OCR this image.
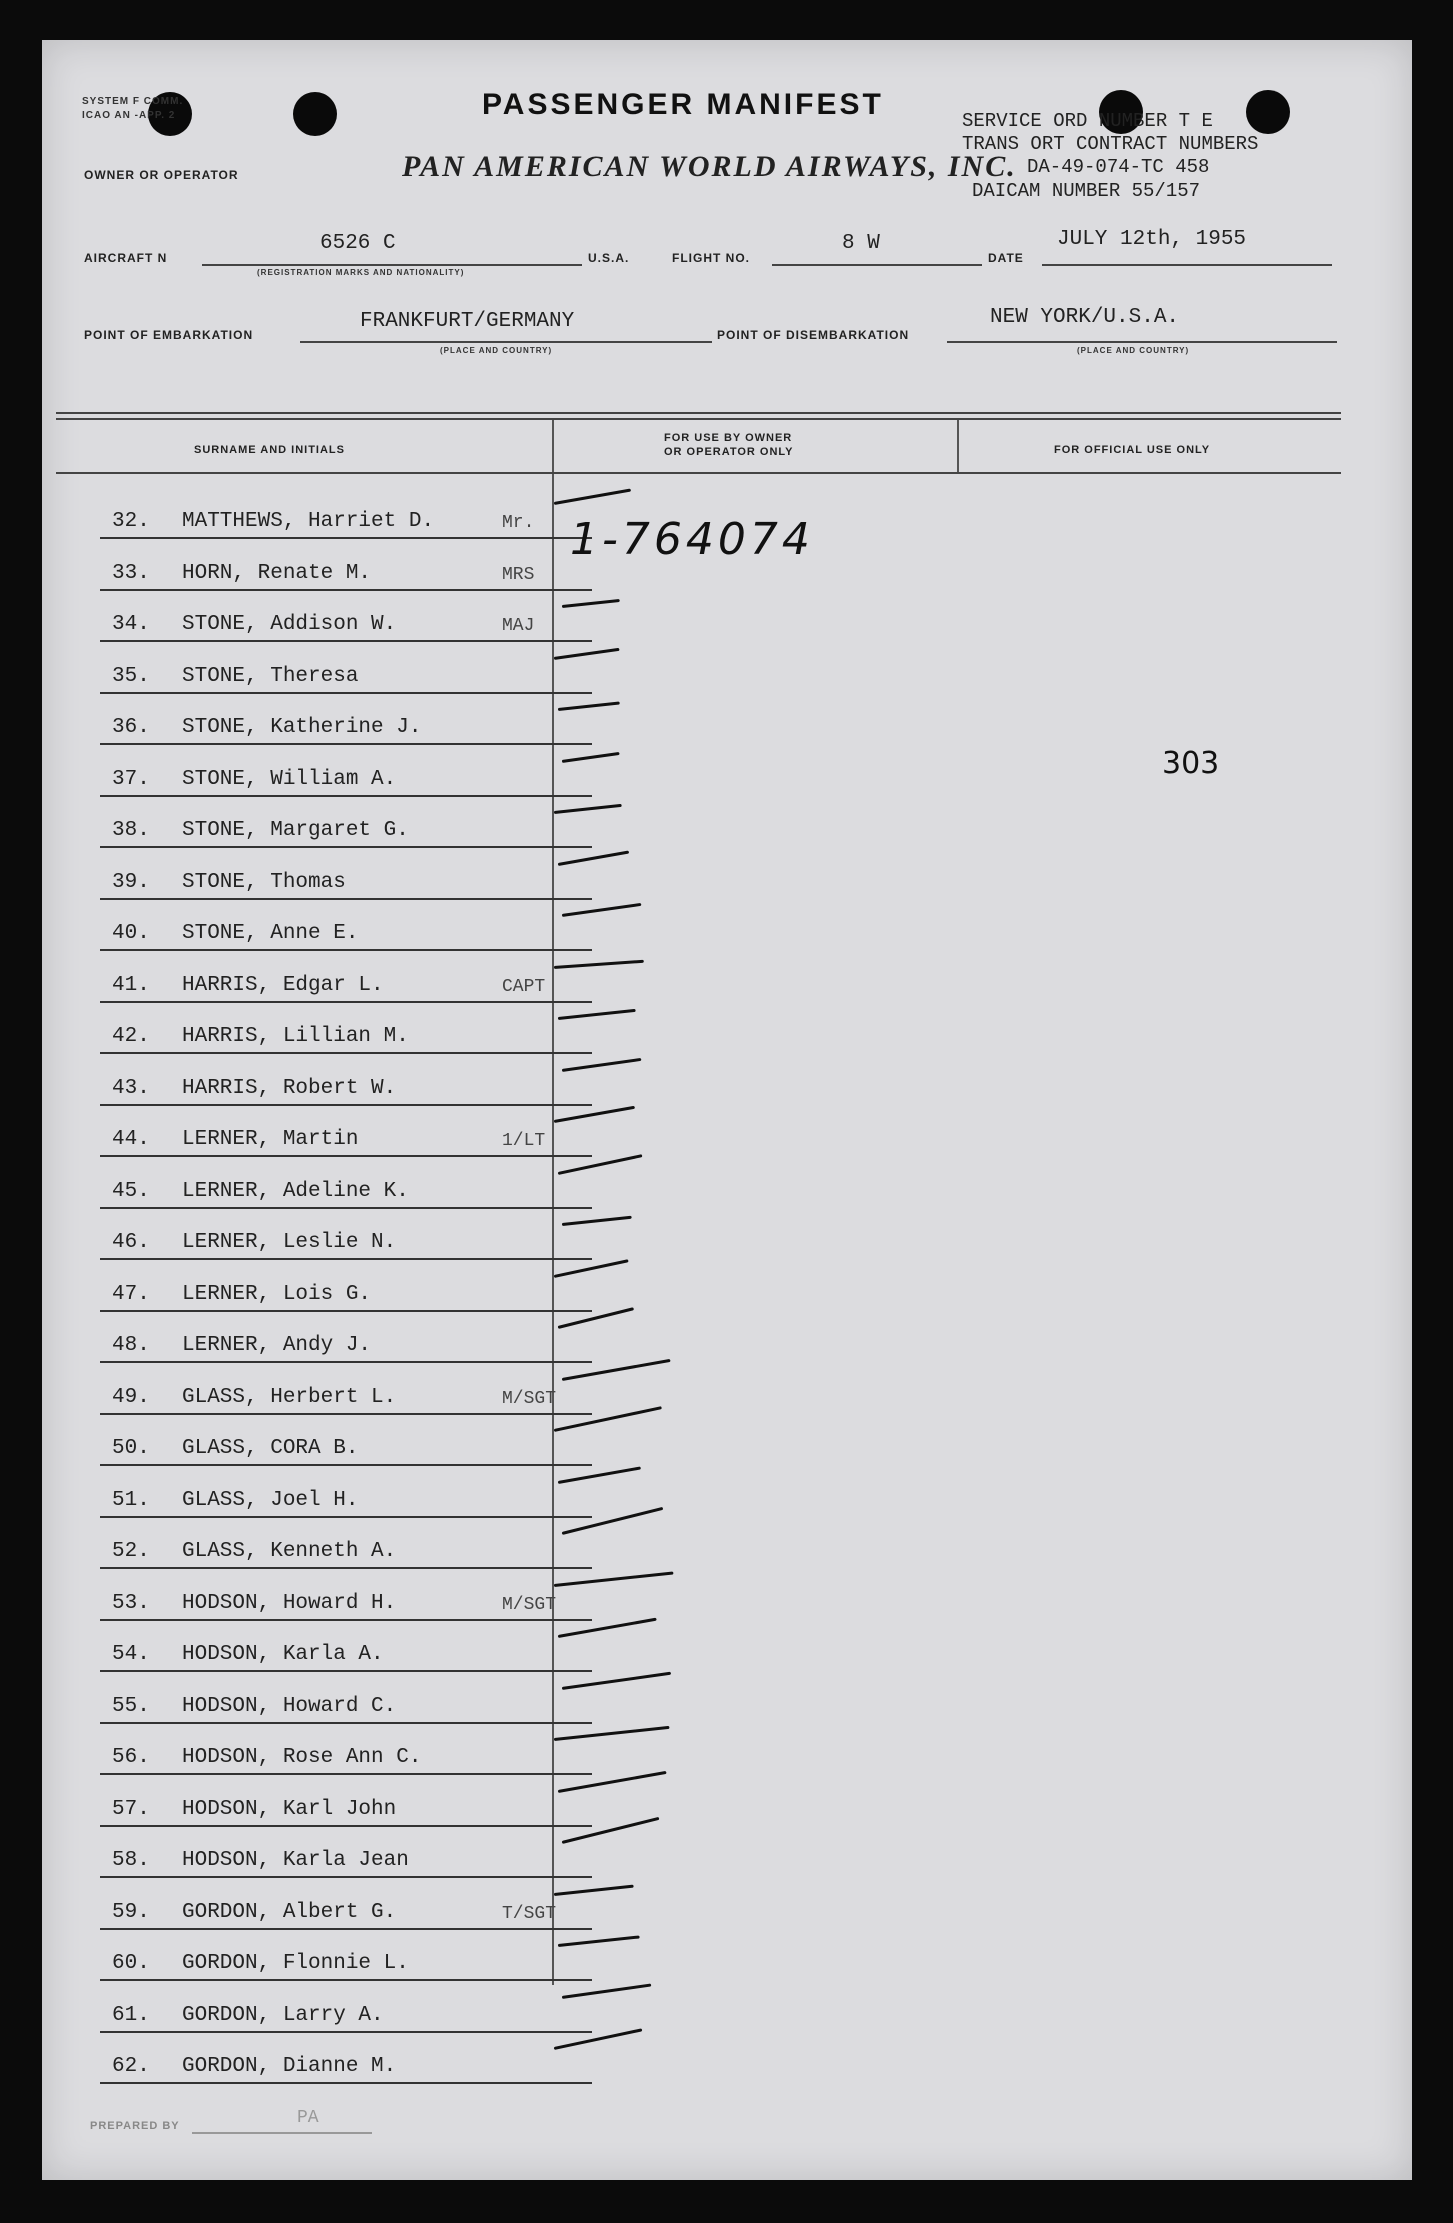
SYSTEM F COMM.
ICAO AN -APP. 2	PASSENGER MANIFEST
OWNER OR OPERATOR	PAN AMERICAN WORLD AIRWAYS, INC.
SERVICE ORD NUMBER T E
TRANS ORT CONTRACT NUMBERS
DA-49-074-TC 458
DAICAM NUMBER 55/157
AIRCRAFT N
6526 C
(REGISTRATION MARKS AND NATIONALITY)
U.S.A.	FLIGHT NO.
8 W
DATE
JULY 12th, 1955
POINT OF EMBARKATION
FRANKFURT/GERMANY
(PLACE AND COUNTRY)
POINT OF DISEMBARKATION
NEW YORK/U.S.A.
(PLACE AND COUNTRY)
SURNAME AND INITIALS
FOR USE BY OWNER
OR OPERATOR ONLY	FOR OFFICIAL USE ONLY
32. MATTHEWS, Harriet D.	Mr.
33. HORN, Renate M.	MRS
34. STONE, Addison W.	MAJ
35. STONE, Theresa
36. STONE, Katherine J.
37. STONE, William A.
38. STONE, Margaret G.
39. STONE, Thomas
40. STONE, Anne E.
41. HARRIS, Edgar L.	CAPT
42. HARRIS, Lillian M.
43. HARRIS, Robert W.
44. LERNER, Martin	1/LT
45. LERNER, Adeline K.
46. LERNER, Leslie N.
47. LERNER, Lois G.
48. LERNER, Andy J.
49. GLASS, Herbert L.	M/SGT
50. GLASS, CORA B.
51. GLASS, Joel H.
52. GLASS, Kenneth A.
53. HODSON, Howard H.	M/SGT
54. HODSON, Karla A.
55. HODSON, Howard C.
56. HODSON, Rose Ann C.
57. HODSON, Karl John
58. HODSON, Karla Jean
59. GORDON, Albert G.	T/SGT
60. GORDON, Flonnie L.
61. GORDON, Larry A.
62. GORDON, Dianne M.
1-764074
303
PREPARED BY	PA
